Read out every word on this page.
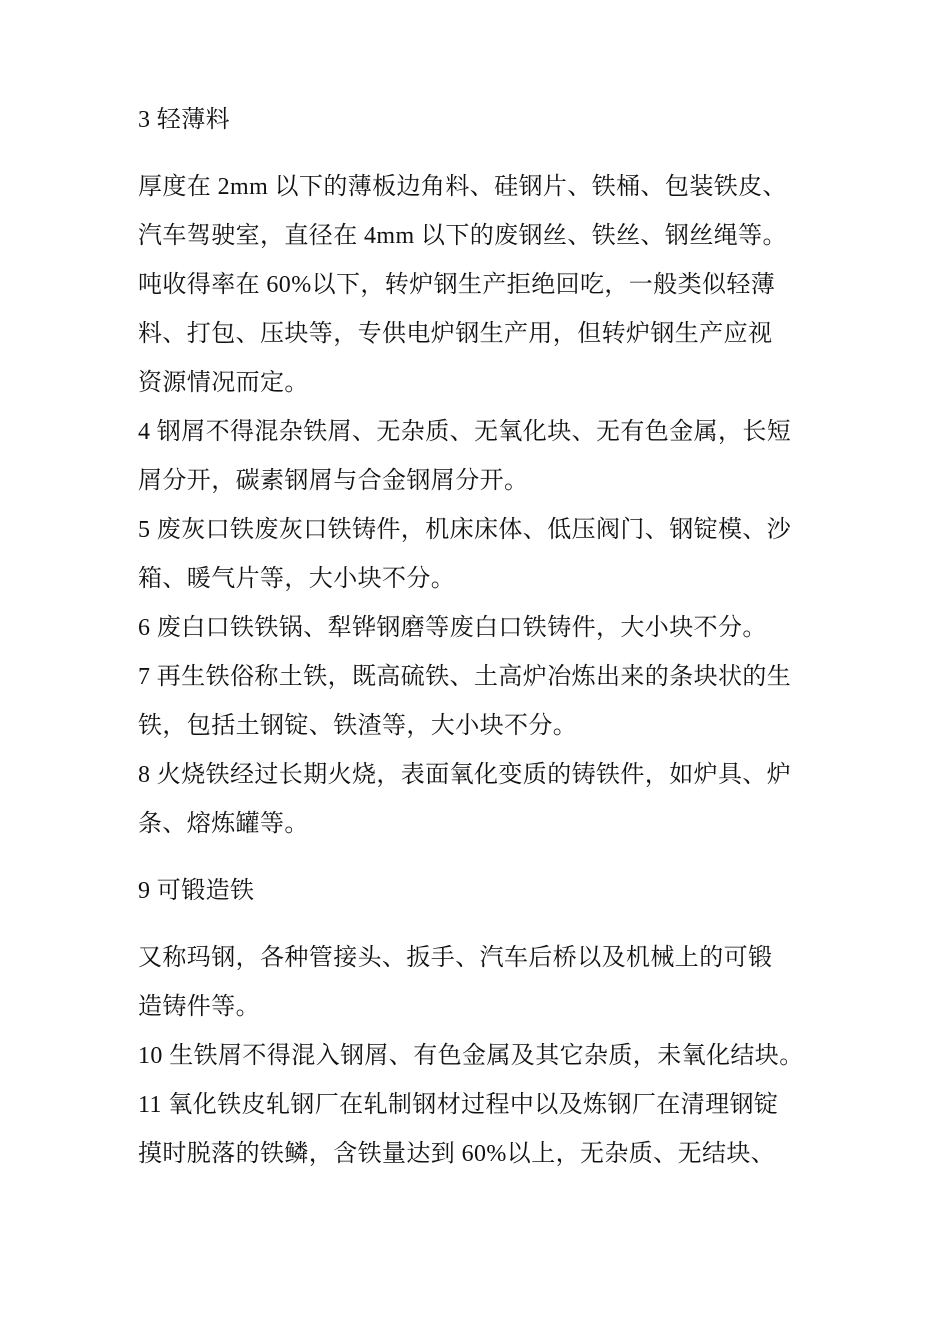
3 轻薄料
厚度在 2mm 以下的薄板边角料、硅钢片、铁桶、包装铁皮、
汽车驾驶室，直径在 4mm 以下的废钢丝、铁丝、钢丝绳等。
吨收得率在 60%以下，转炉钢生产拒绝回吃，一般类似轻薄
料、打包、压块等，专供电炉钢生产用，但转炉钢生产应视
资源情况而定。
4 钢屑不得混杂铁屑、无杂质、无氧化块、无有色金属，长短
屑分开，碳素钢屑与合金钢屑分开。
5 废灰口铁废灰口铁铸件，机床床体、低压阀门、钢锭模、沙
箱、暖气片等，大小块不分。
6 废白口铁铁锅、犁铧钢磨等废白口铁铸件，大小块不分。
7 再生铁俗称土铁，既高硫铁、土高炉冶炼出来的条块状的生
铁，包括土钢锭、铁渣等，大小块不分。
8 火烧铁经过长期火烧，表面氧化变质的铸铁件，如炉具、炉
条、熔炼罐等。
9 可锻造铁
又称玛钢，各种管接头、扳手、汽车后桥以及机械上的可锻
造铸件等。
10 生铁屑不得混入钢屑、有色金属及其它杂质，未氧化结块。
11 氧化铁皮轧钢厂在轧制钢材过程中以及炼钢厂在清理钢锭
摸时脱落的铁鳞，含铁量达到 60%以上，无杂质、无结块、
